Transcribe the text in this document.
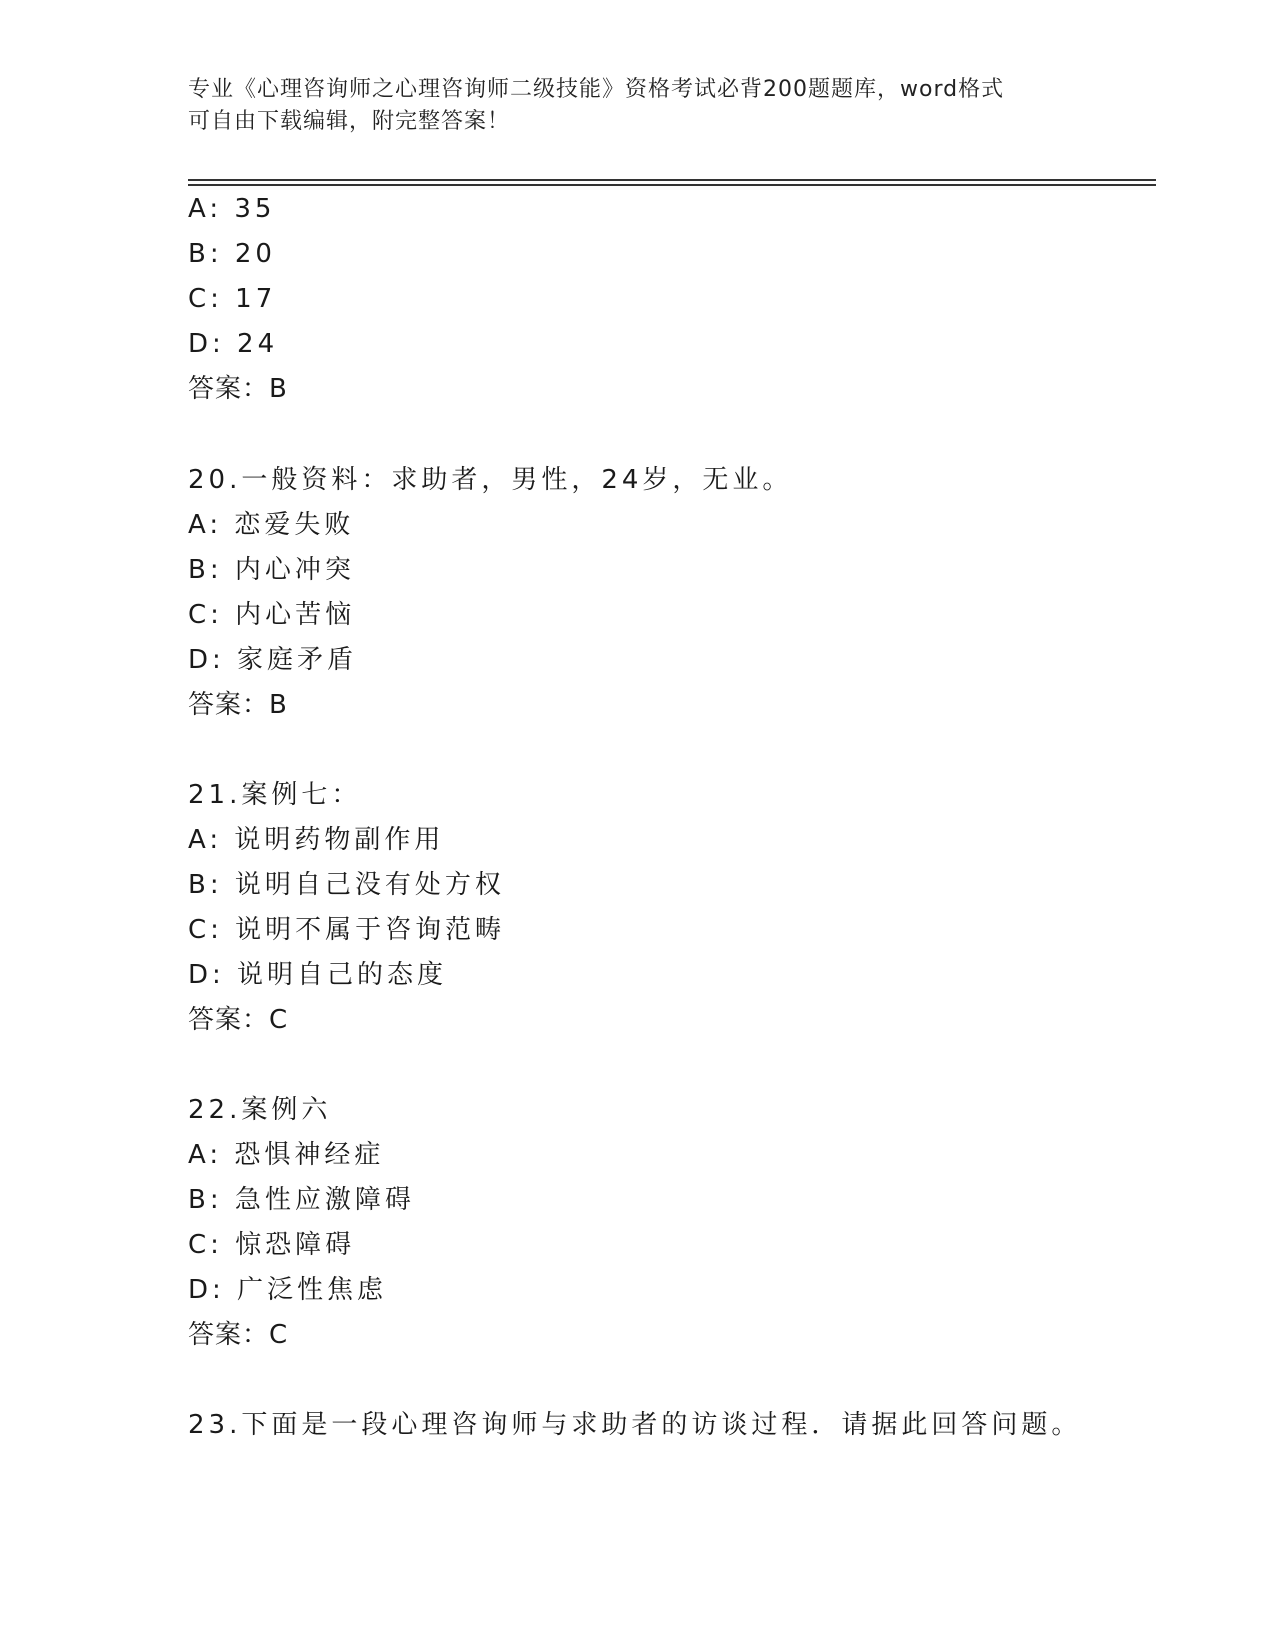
专业《心理咨询师之心理咨询师二级技能》资格考试必背200题题库，word格式
可自由下载编辑，附完整答案！
A: 35
B: 20
C: 17
D: 24
答案：B
20.一般资料：求助者，男性，24岁，无业。
A: 恋爱失败
B: 内心冲突
C: 内心苦恼
D: 家庭矛盾
答案：B
21.案例七：
A: 说明药物副作用
B: 说明自己没有处方权
C: 说明不属于咨询范畴
D: 说明自己的态度
答案：C
22.案例六
A: 恐惧神经症
B: 急性应激障碍
C: 惊恐障碍
D: 广泛性焦虑
答案：C
23.下面是一段心理咨询师与求助者的访谈过程．请据此回答问题。
